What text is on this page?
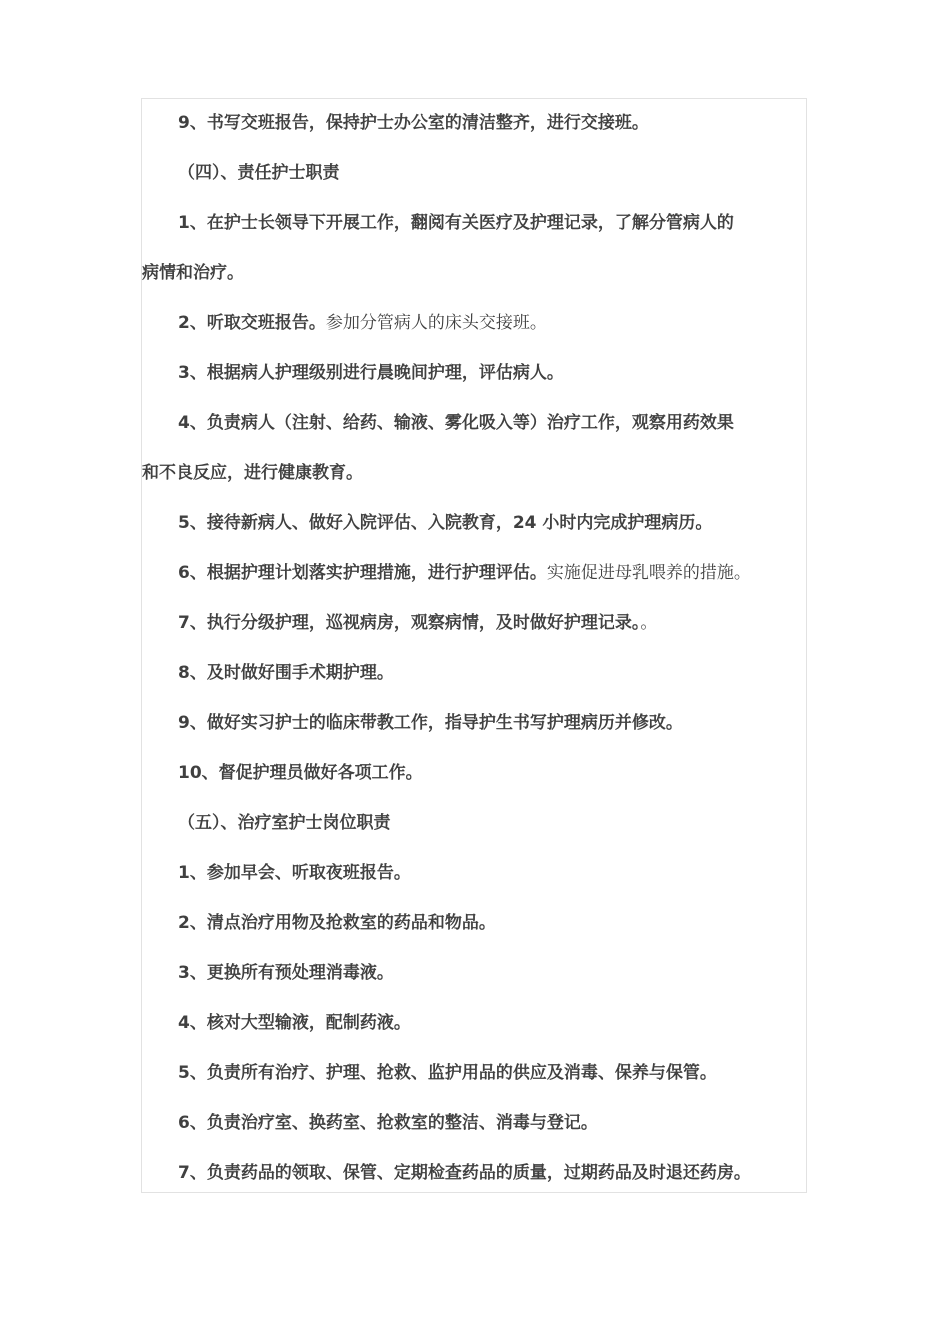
9、书写交班报告，保持护士办公室的清洁整齐，进行交接班。

（四）、责任护士职责

1、在护士长领导下开展工作，翻阅有关医疗及护理记录，了解分管病人的

病情和治疗。

2、听取交班报告。参加分管病人的床头交接班。

3、根据病人护理级别进行晨晚间护理，评估病人。

4、负责病人（注射、给药、输液、雾化吸入等）治疗工作，观察用药效果

和不良反应，进行健康教育。

5、接待新病人、做好入院评估、入院教育，24 小时内完成护理病历。

6、根据护理计划落实护理措施，进行护理评估。实施促进母乳喂养的措施。

7、执行分级护理，巡视病房，观察病情，及时做好护理记录。。

8、及时做好围手术期护理。

9、做好实习护士的临床带教工作，指导护生书写护理病历并修改。

10、督促护理员做好各项工作。

（五）、治疗室护士岗位职责

1、参加早会、听取夜班报告。

2、清点治疗用物及抢救室的药品和物品。

3、更换所有预处理消毒液。

4、核对大型输液，配制药液。

5、负责所有治疗、护理、抢救、监护用品的供应及消毒、保养与保管。

6、负责治疗室、换药室、抢救室的整洁、消毒与登记。

7、负责药品的领取、保管、定期检查药品的质量，过期药品及时退还药房。
